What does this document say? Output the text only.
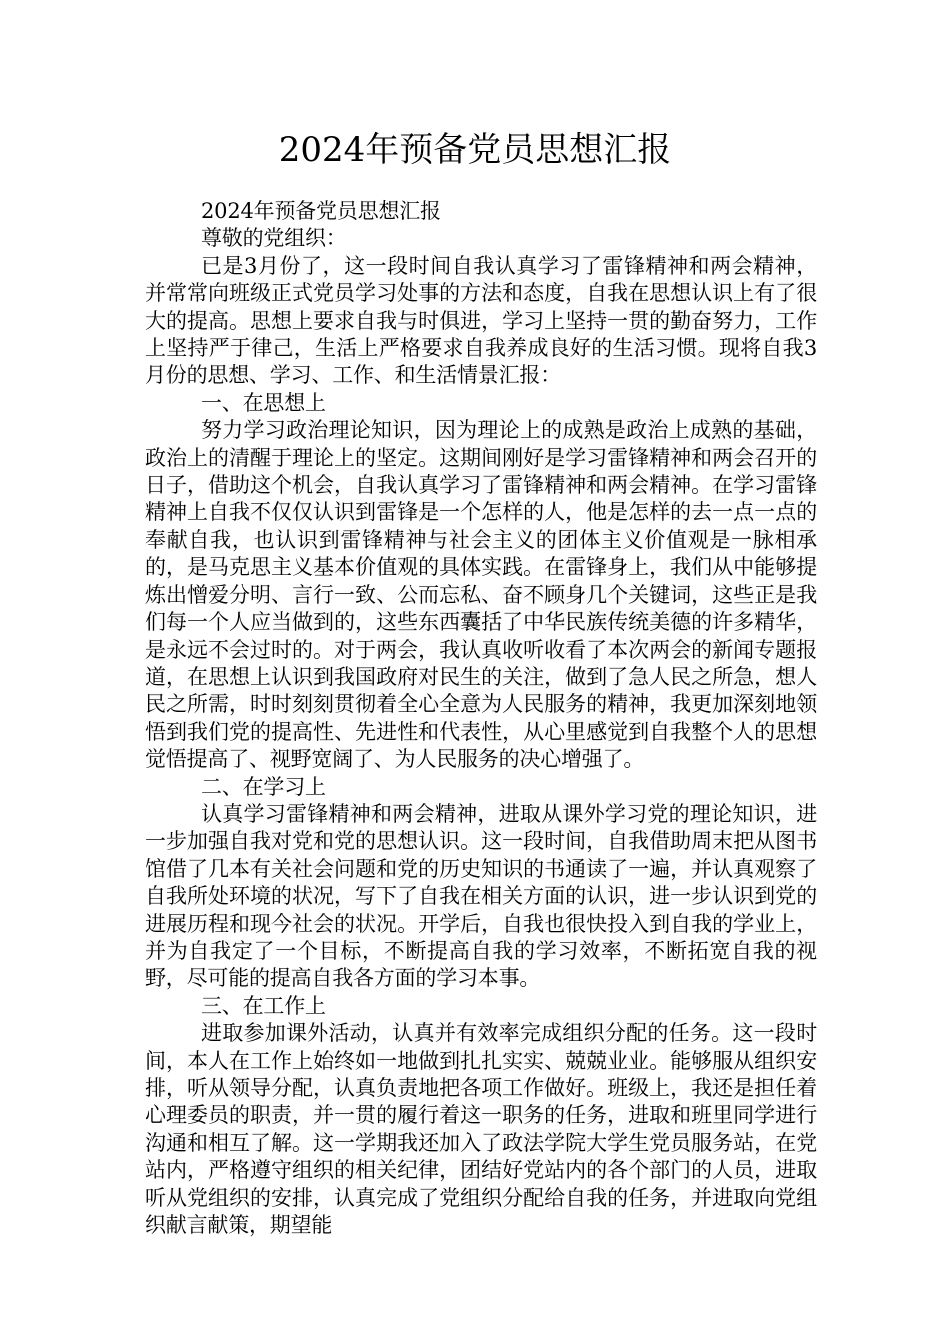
2024年预备党员思想汇报

2024年预备党员思想汇报

尊敬的党组织：

已是3月份了，这一段时间自我认真学习了雷锋精神和两会精神，并常常向班级正式党员学习处事的方法和态度，自我在思想认识上有了很大的提高。思想上要求自我与时俱进，学习上坚持一贯的勤奋努力，工作上坚持严于律己，生活上严格要求自我养成良好的生活习惯。现将自我3月份的思想、学习、工作、和生活情景汇报：

一、在思想上

努力学习政治理论知识，因为理论上的成熟是政治上成熟的基础，政治上的清醒于理论上的坚定。这期间刚好是学习雷锋精神和两会召开的日子，借助这个机会，自我认真学习了雷锋精神和两会精神。在学习雷锋精神上自我不仅仅认识到雷锋是一个怎样的人，他是怎样的去一点一点的奉献自我，也认识到雷锋精神与社会主义的团体主义价值观是一脉相承的，是马克思主义基本价值观的具体实践。在雷锋身上，我们从中能够提炼出憎爱分明、言行一致、公而忘私、奋不顾身几个关键词，这些正是我们每一个人应当做到的，这些东西囊括了中华民族传统美德的许多精华，是永远不会过时的。对于两会，我认真收听收看了本次两会的新闻专题报道，在思想上认识到我国政府对民生的关注，做到了急人民之所急，想人民之所需，时时刻刻贯彻着全心全意为人民服务的精神，我更加深刻地领悟到我们党的提高性、先进性和代表性，从心里感觉到自我整个人的思想觉悟提高了、视野宽阔了、为人民服务的决心增强了。

二、在学习上

认真学习雷锋精神和两会精神，进取从课外学习党的理论知识，进一步加强自我对党和党的思想认识。这一段时间，自我借助周末把从图书馆借了几本有关社会问题和党的历史知识的书通读了一遍，并认真观察了自我所处环境的状况，写下了自我在相关方面的认识，进一步认识到党的进展历程和现今社会的状况。开学后，自我也很快投入到自我的学业上，并为自我定了一个目标，不断提高自我的学习效率，不断拓宽自我的视野，尽可能的提高自我各方面的学习本事。

三、在工作上

进取参加课外活动，认真并有效率完成组织分配的任务。这一段时间，本人在工作上始终如一地做到扎扎实实、兢兢业业。能够服从组织安排，听从领导分配，认真负责地把各项工作做好。班级上，我还是担任着心理委员的职责，并一贯的履行着这一职务的任务，进取和班里同学进行沟通和相互了解。这一学期我还加入了政法学院大学生党员服务站，在党站内，严格遵守组织的相关纪律，团结好党站内的各个部门的人员，进取听从党组织的安排，认真完成了党组织分配给自我的任务，并进取向党组织献言献策，期望能
